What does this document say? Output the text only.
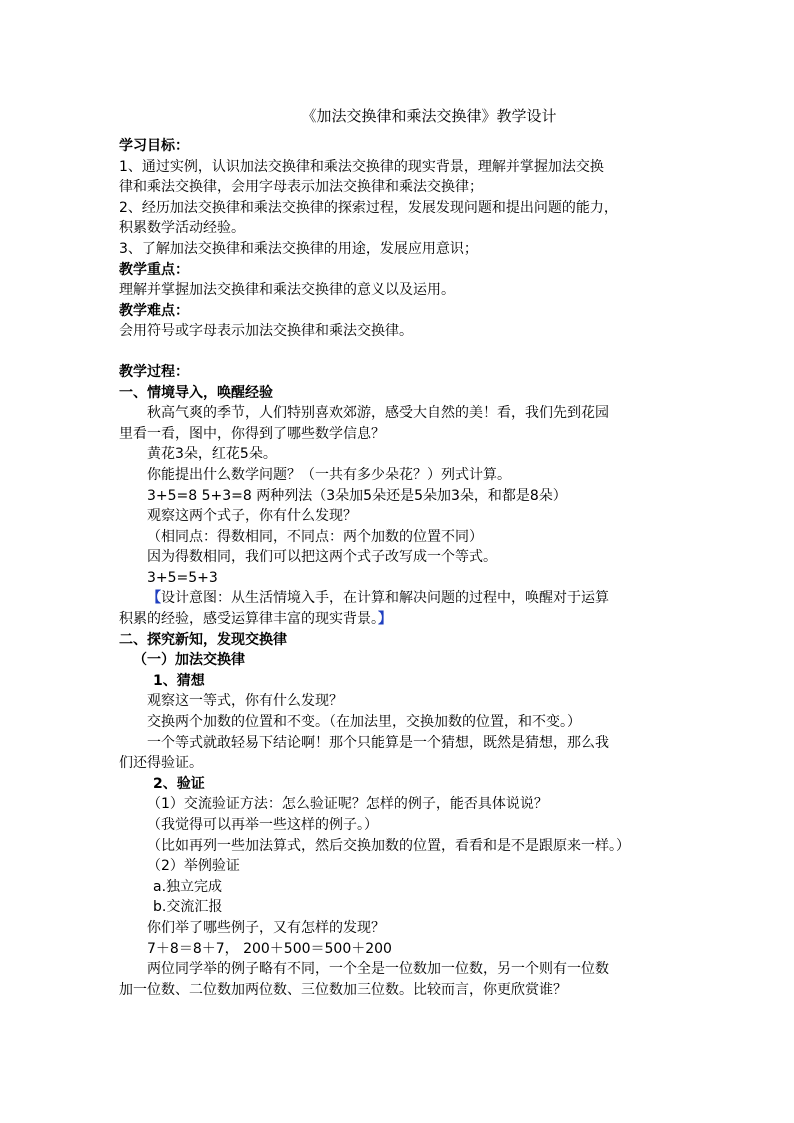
《加法交换律和乘法交换律》教学设计
学习目标：
1、通过实例，认识加法交换律和乘法交换律的现实背景，理解并掌握加法交换
律和乘法交换律，会用字母表示加法交换律和乘法交换律；
2、经历加法交换律和乘法交换律的探索过程，发展发现问题和提出问题的能力，
积累数学活动经验。
3、了解加法交换律和乘法交换律的用途，发展应用意识；
教学重点：
理解并掌握加法交换律和乘法交换律的意义以及运用。
教学难点：
会用符号或字母表示加法交换律和乘法交换律。
教学过程：
一、情境导入，唤醒经验
秋高气爽的季节，人们特别喜欢郊游，感受大自然的美！看，我们先到花园
里看一看，图中，你得到了哪些数学信息？
黄花3朵，红花5朵。
你能提出什么数学问题？（一共有多少朵花？）列式计算。
3+5=8 5+3=8 两种列法（3朵加5朵还是5朵加3朵，和都是8朵）
观察这两个式子，你有什么发现？
（相同点：得数相同，不同点：两个加数的位置不同）
因为得数相同，我们可以把这两个式子改写成一个等式。
3+5=5+3
【设计意图：从生活情境入手，在计算和解决问题的过程中，唤醒对于运算
积累的经验，感受运算律丰富的现实背景。】
二、探究新知，发现交换律
（一）加法交换律
1、猜想
观察这一等式，你有什么发现？
交换两个加数的位置和不变。（在加法里，交换加数的位置，和不变。）
一个等式就敢轻易下结论啊！那个只能算是一个猜想，既然是猜想，那么我
们还得验证。
2、验证
（1）交流验证方法：怎么验证呢？怎样的例子，能否具体说说？
（我觉得可以再举一些这样的例子。）
（比如再列一些加法算式，然后交换加数的位置，看看和是不是跟原来一样。）
（2）举例验证
a.独立完成
b.交流汇报
你们举了哪些例子，又有怎样的发现？
7＋8＝8＋7， 200＋500＝500＋200
两位同学举的例子略有不同，一个全是一位数加一位数，另一个则有一位数
加一位数、二位数加两位数、三位数加三位数。比较而言，你更欣赏谁？
